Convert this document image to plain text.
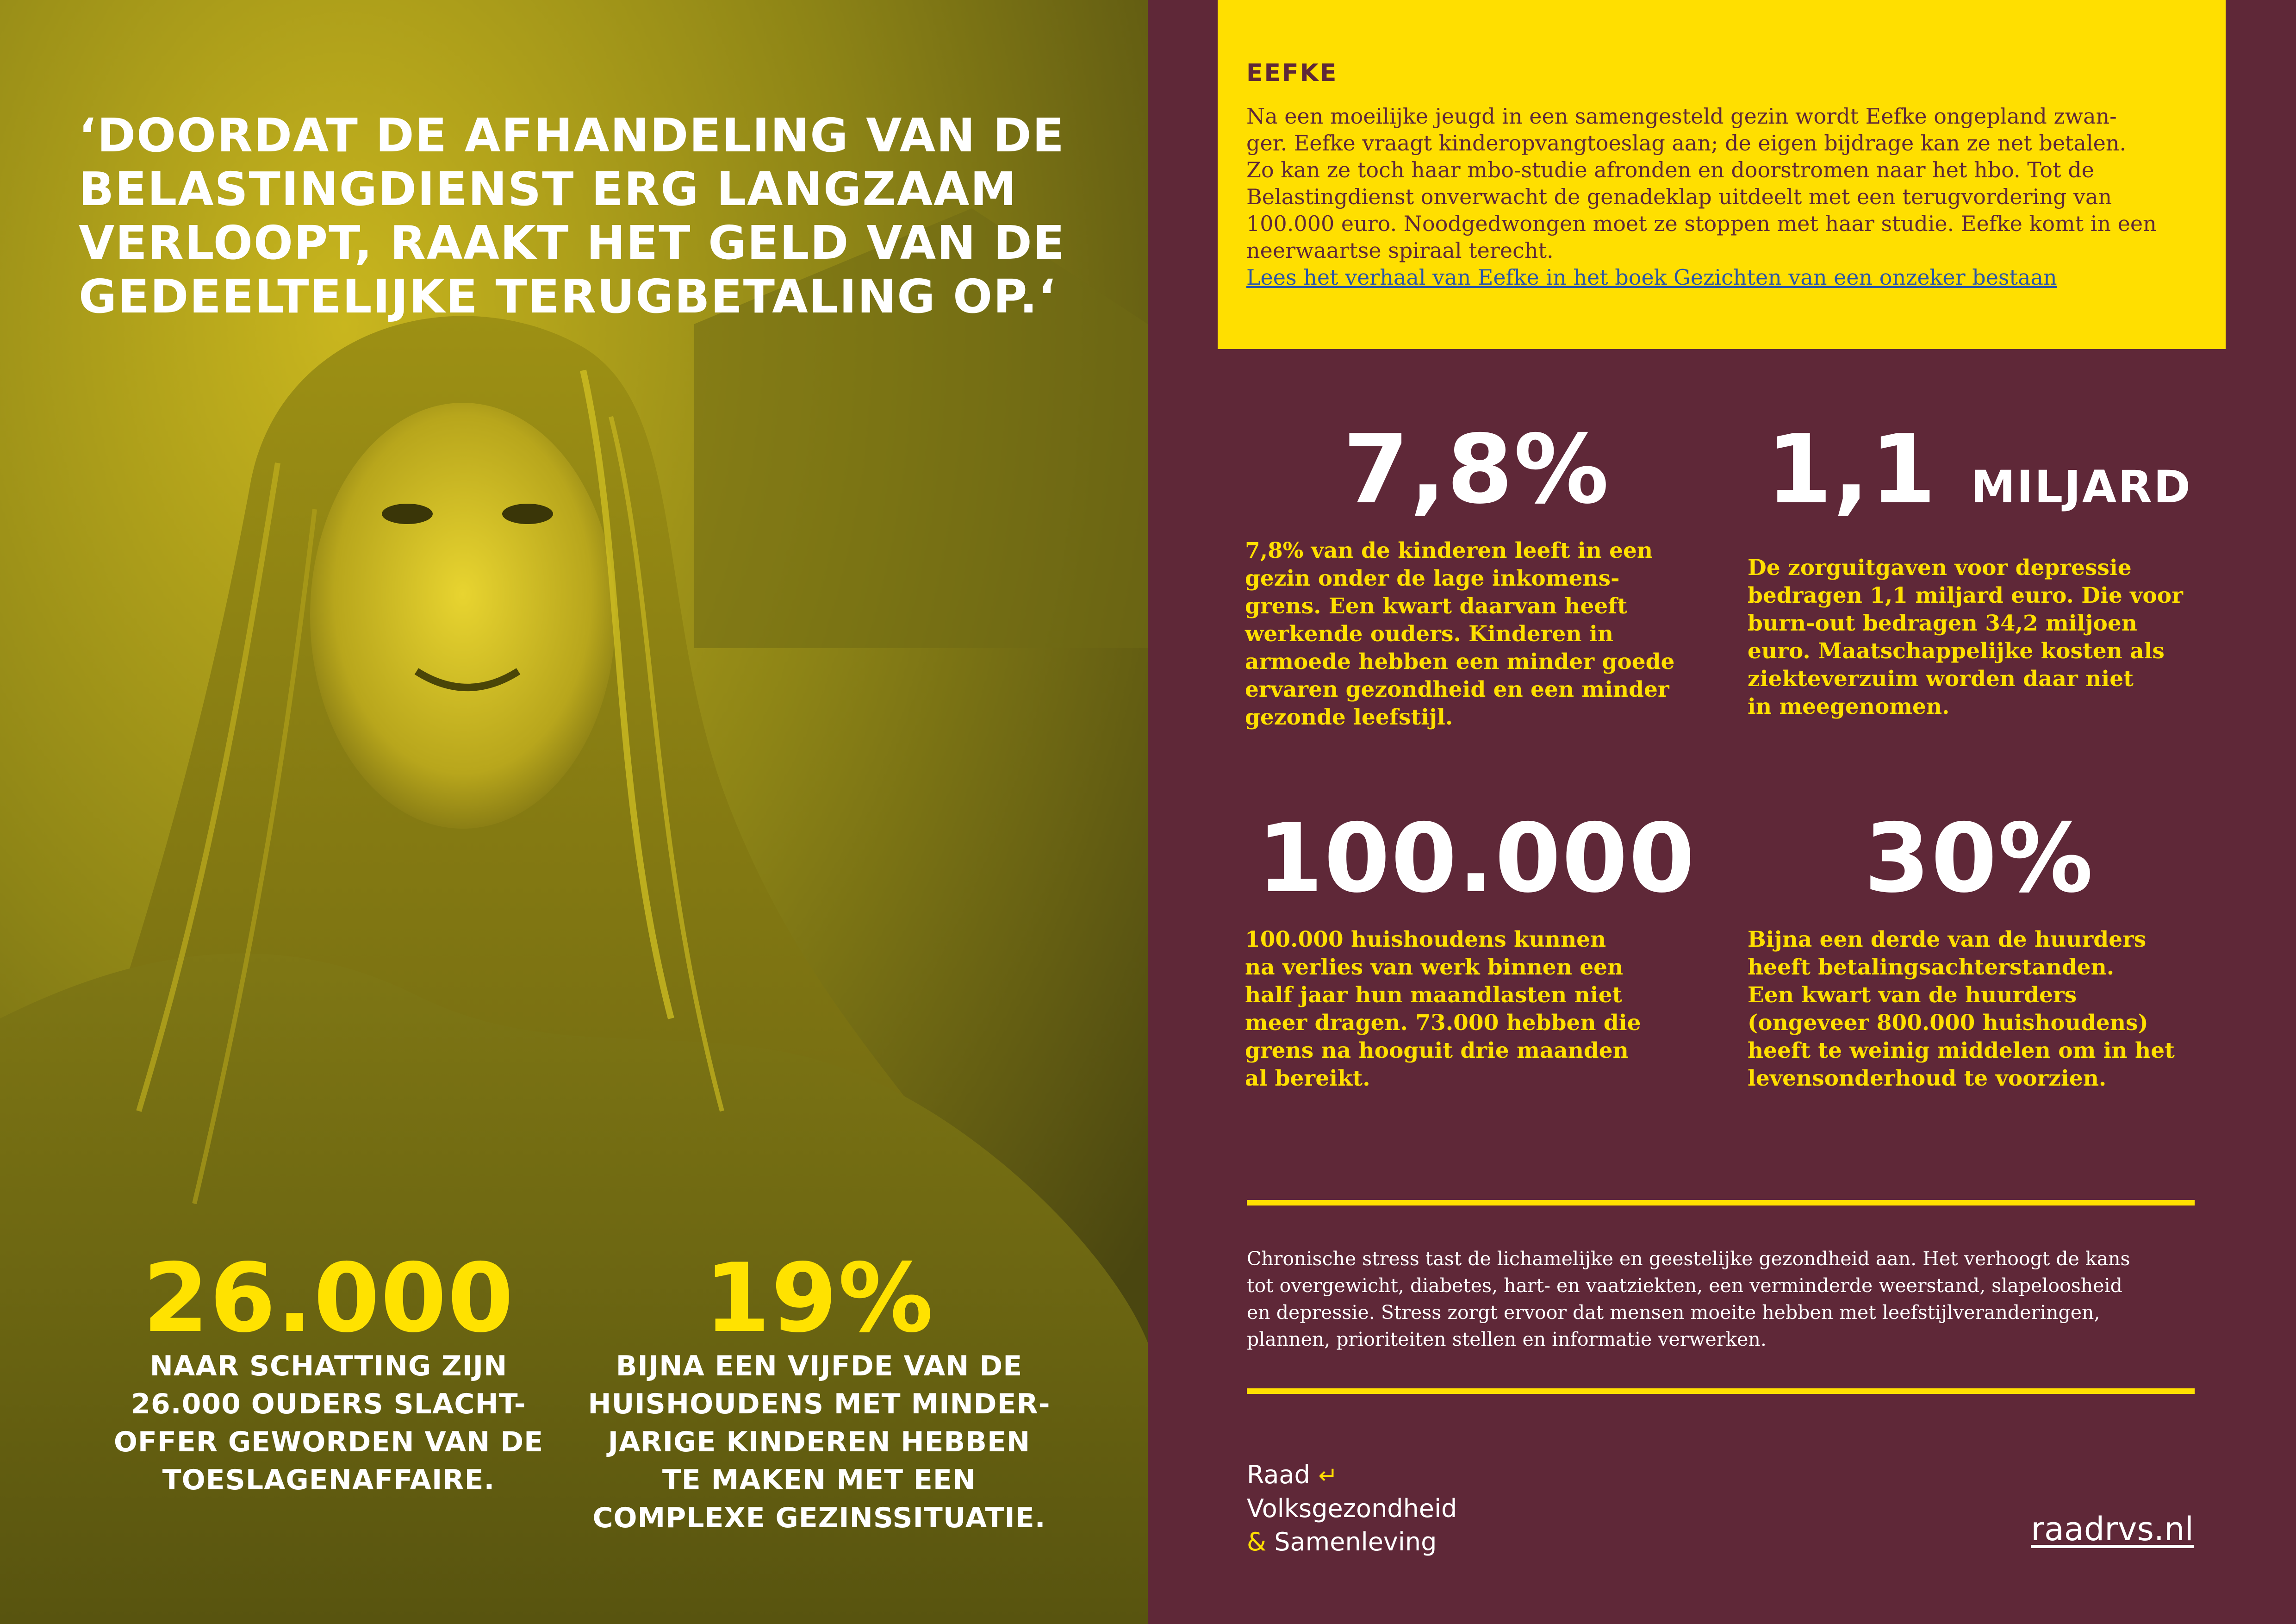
‘DOORDAT DE AFHANDELING VAN DE BELASTINGDIENST ERG LANGZAAM VERLOOPT, RAAKT HET GELD VAN DE GEDEELTELIJKE TERUGBETALING OP.‘

26.000
NAAR SCHATTING ZIJN
26.000 OUDERS SLACHT-
OFFER GEWORDEN VAN DE
TOESLAGENAFFAIRE.
19%
BIJNA EEN VIJFDE VAN DE
HUISHOUDENS MET MINDER-
JARIGE KINDEREN HEBBEN
TE MAKEN MET EEN
COMPLEXE GEZINSSITUATIE.
EEFKE

Na een moeilijke jeugd in een samengesteld gezin wordt Eefke ongepland zwan-
ger. Eefke vraagt kinderopvangtoeslag aan; de eigen bijdrage kan ze net betalen.
Zo kan ze toch haar mbo-studie afronden en doorstromen naar het hbo. Tot de
Belastingdienst onverwacht de genadeklap uitdeelt met een terugvordering van
100.000 euro. Noodgedwongen moet ze stoppen met haar studie. Eefke komt in een
neerwaartse spiraal terecht.

Lees het verhaal van Eefke in het boek Gezichten van een onzeker bestaan
7,8%
7,8% van de kinderen leeft in een
gezin onder de lage inkomens-
grens. Een kwart daarvan heeft
werkende ouders. Kinderen in
armoede hebben een minder goede
ervaren gezondheid en een minder
gezonde leefstijl.
1,1 MILJARD
De zorguitgaven voor depressie
bedragen 1,1 miljard euro. Die voor
burn-out bedragen 34,2 miljoen
euro. Maatschappelijke kosten als
ziekteverzuim worden daar niet
in meegenomen.
100.000
100.000 huishoudens kunnen
na verlies van werk binnen een
half jaar hun maandlasten niet
meer dragen. 73.000 hebben die
grens na hooguit drie maanden
al bereikt.
30%
Bijna een derde van de huurders
heeft betalingsachterstanden.
Een kwart van de huurders
(ongeveer 800.000 huishoudens)
heeft te weinig middelen om in het
levensonderhoud te voorzien.

Chronische stress tast de lichamelijke en geestelijke gezondheid aan. Het verhoogt de kans
tot overgewicht, diabetes, hart- en vaatziekten, een verminderde weerstand, slapeloosheid
en depressie. Stress zorgt ervoor dat mensen moeite hebben met leefstijlveranderingen,
plannen, prioriteiten stellen en informatie verwerken.

Raad ↵
Volksgezondheid
& Samenleving	raadrvs.nl
